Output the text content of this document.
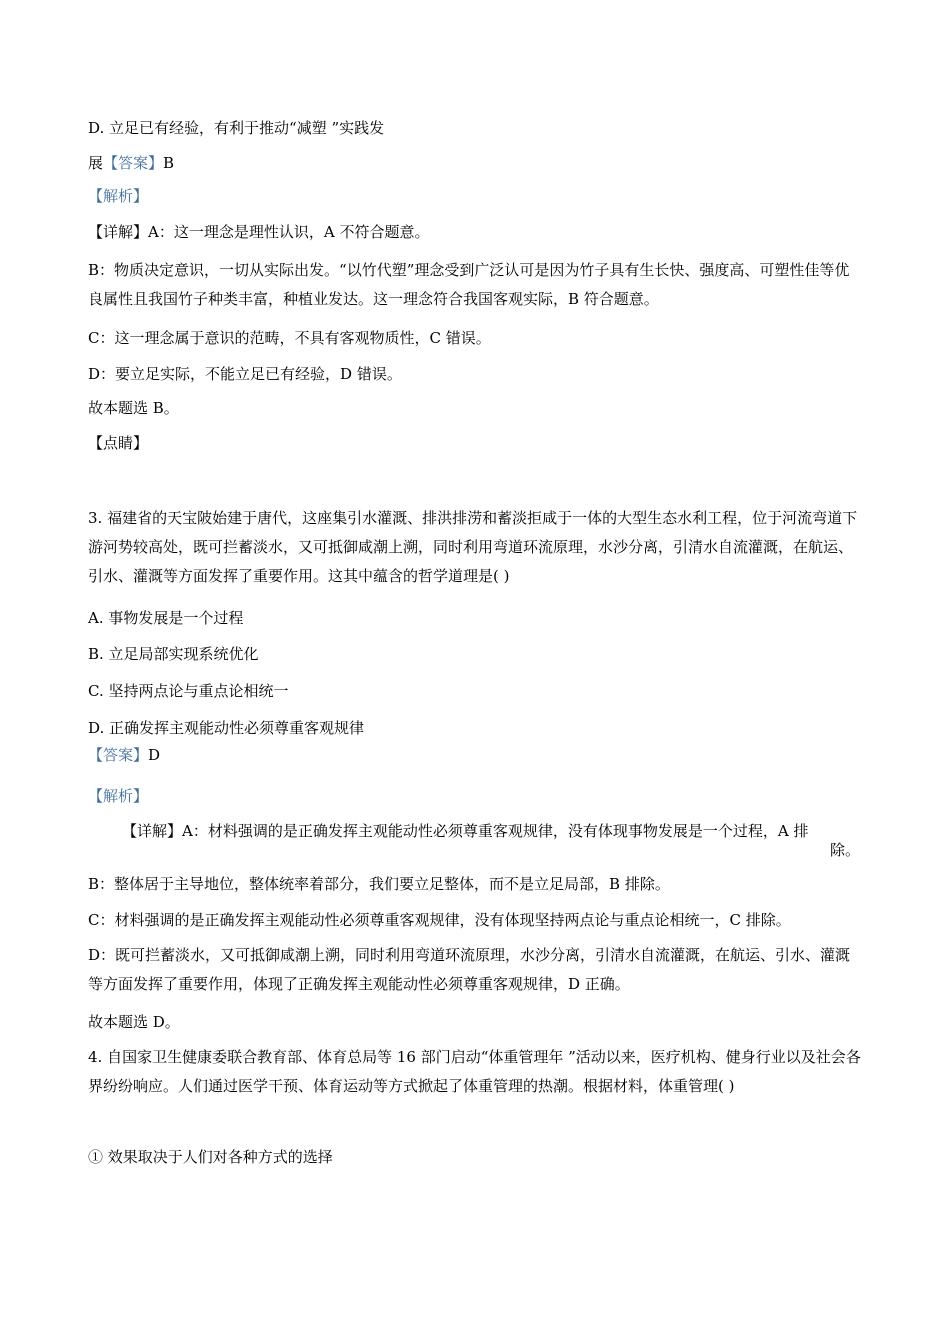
D. 立足已有经验，有利于推动“减塑 ”实践发
展【答案】B
【解析】
【详解】A：这一理念是理性认识，A 不符合题意。
B：物质决定意识，一切从实际出发。“以竹代塑”理念受到广泛认可是因为竹子具有生长快、强度高、可塑性佳等优良属性且我国竹子种类丰富，种植业发达。这一理念符合我国客观实际，B 符合题意。
C：这一理念属于意识的范畴，不具有客观物质性，C 错误。
D：要立足实际，不能立足已有经验，D 错误。
故本题选 B。
【点睛】
3. 福建省的天宝陂始建于唐代，这座集引水灌溉、排洪排涝和蓄淡拒咸于一体的大型生态水利工程，位于河流弯道下游河势较高处，既可拦蓄淡水，又可抵御咸潮上溯，同时利用弯道环流原理，水沙分离，引清水自流灌溉，在航运、引水、灌溉等方面发挥了重要作用。这其中蕴含的哲学道理是( )
A. 事物发展是一个过程
B. 立足局部实现系统优化
C. 坚持两点论与重点论相统一
D. 正确发挥主观能动性必须尊重客观规律
【答案】D
【解析】
【详解】A：材料强调的是正确发挥主观能动性必须尊重客观规律，没有体现事物发展是一个过程，A 排
除。
B：整体居于主导地位，整体统率着部分，我们要立足整体，而不是立足局部，B 排除。
C：材料强调的是正确发挥主观能动性必须尊重客观规律，没有体现坚持两点论与重点论相统一，C 排除。
D：既可拦蓄淡水，又可抵御咸潮上溯，同时利用弯道环流原理，水沙分离，引清水自流灌溉，在航运、引水、灌溉等方面发挥了重要作用，体现了正确发挥主观能动性必须尊重客观规律，D 正确。
故本题选 D。
4. 自国家卫生健康委联合教育部、体育总局等 16 部门启动“体重管理年 ”活动以来，医疗机构、健身行业以及社会各界纷纷响应。人们通过医学干预、体育运动等方式掀起了体重管理的热潮。根据材料，体重管理( )
① 效果取决于人们对各种方式的选择
